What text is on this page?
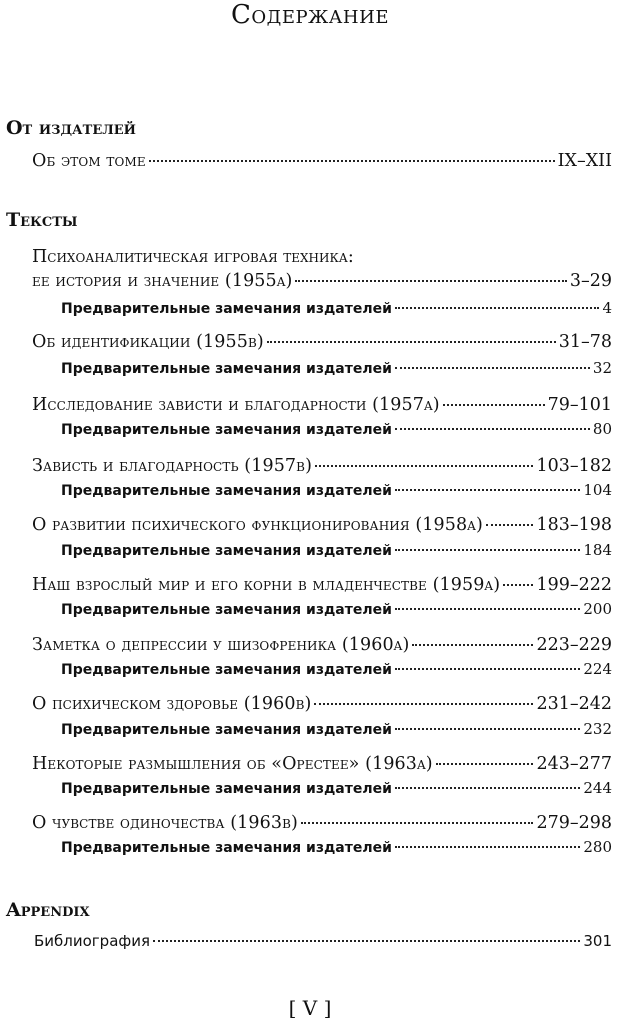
Содержание
От издателей
Об этом томе	IX–XII
Тексты
Психоаналитическая игровая техника:
ее история и значение (1955a)	3–29
Предварительные замечания издателей	4
Об идентификации (1955b)	31–78
Предварительные замечания издателей	32
Исследование зависти и благодарности (1957a)	79–101
Предварительные замечания издателей	80
Зависть и благодарность (1957b)	103–182
Предварительные замечания издателей	104
О развитии психического функционирования (1958a)	183–198
Предварительные замечания издателей	184
Наш взрослый мир и его корни в младенчестве (1959a) 199–222
Предварительные замечания издателей	200
Заметка о депрессии у шизофреника (1960a)	223–229
Предварительные замечания издателей	224
О психическом здоровье (1960b)	231–242
Предварительные замечания издателей	232
Некоторые размышления об «Орестее» (1963a)	243–277
Предварительные замечания издателей	244
О чувстве одиночества (1963b)	279–298
Предварительные замечания издателей	280
Appendix
Библиография	301
[ V ]
